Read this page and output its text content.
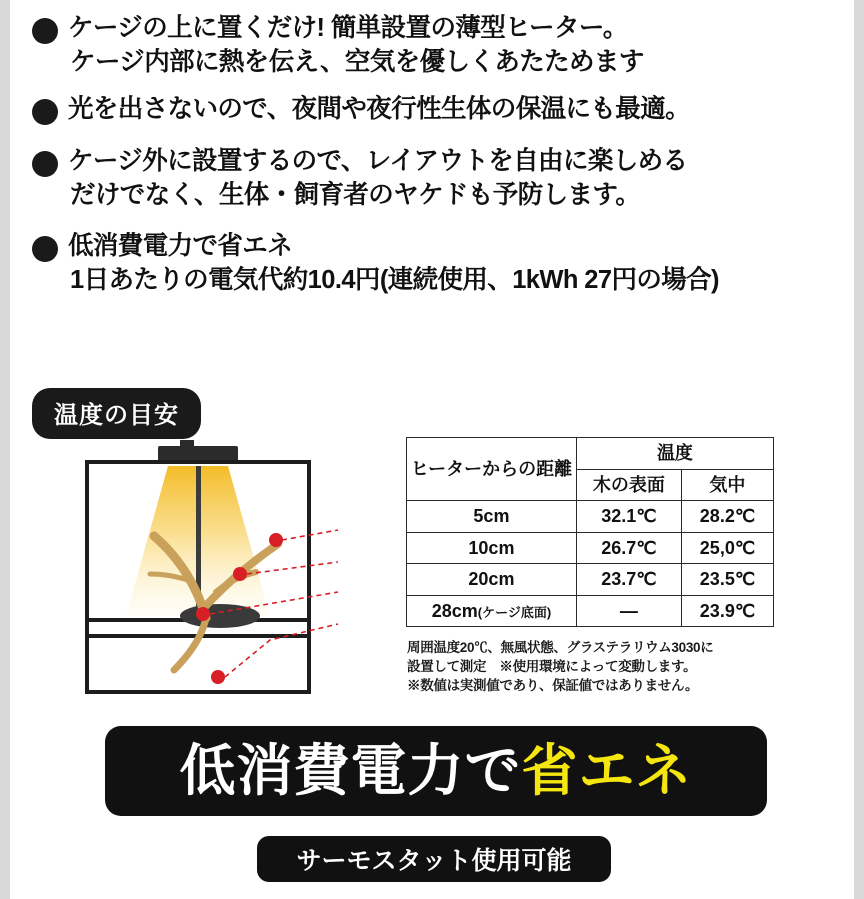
ケージの上に置くだけ! 簡単設置の薄型ヒーター。
ケージ内部に熱を伝え、空気を優しくあたためます
光を出さないので、夜間や夜行性生体の保温にも最適。
ケージ外に設置するので、レイアウトを自由に楽しめる
だけでなく、生体・飼育者のヤケドも予防します。
低消費電力で省エネ
1日あたりの電気代約10.4円(連続使用、1kWh 27円の場合)
温度の目安
ヒーターからの距離	温度	
	木の表面	気中
5cm	32.1℃	28.2℃
10cm	26.7℃	25,0℃
20cm	23.7℃	23.5℃
28cm(ケージ底面)	—	23.9℃
周囲温度20℃、無風状態、グラステラリウム3030に
設置して測定　※使用環境によって変動します。
※数値は実測値であり、保証値ではありません。
低消費電力で省エネ
サーモスタット使用可能
